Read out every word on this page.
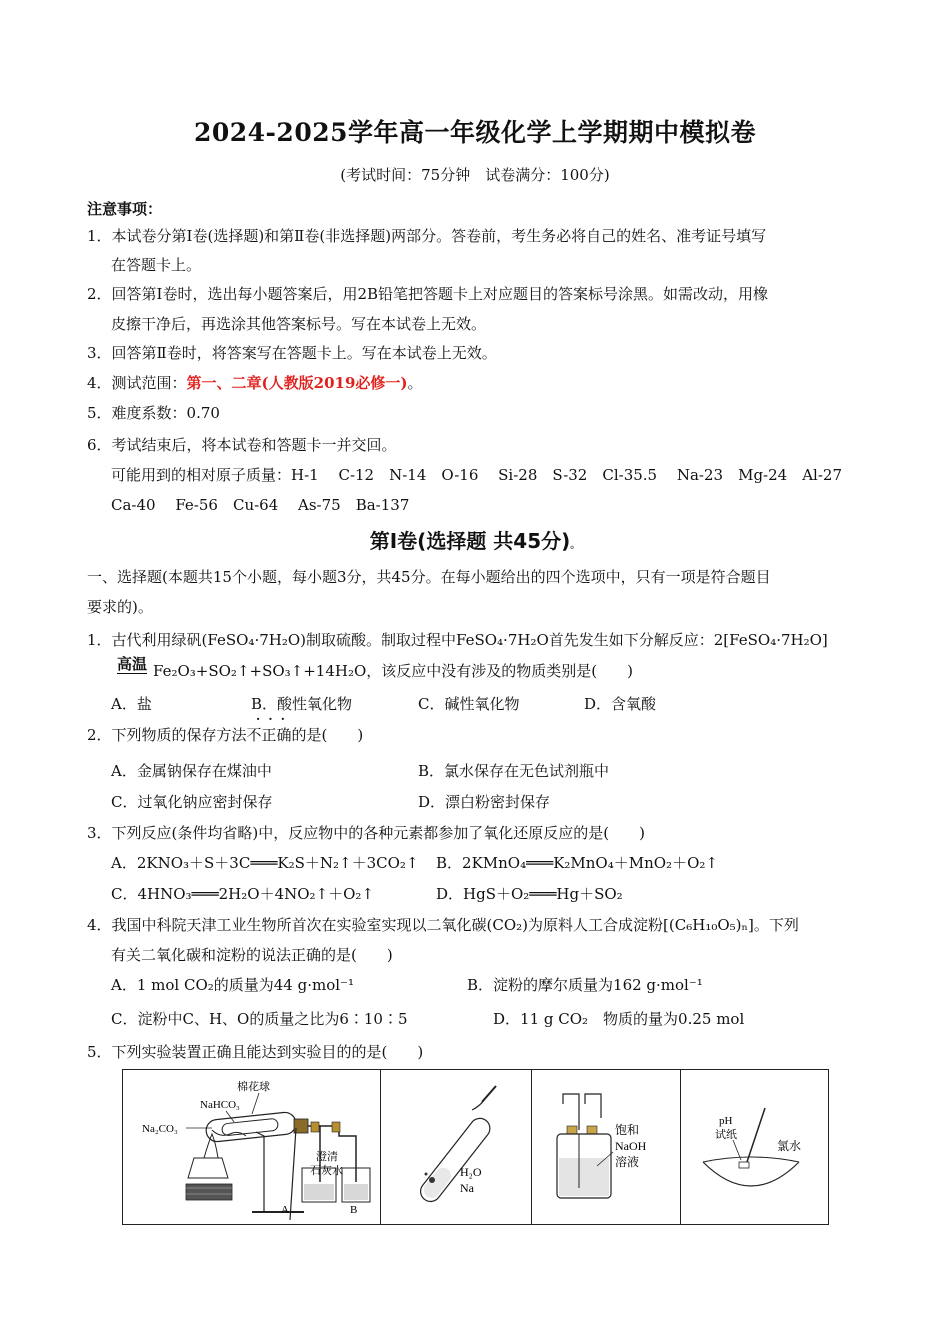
2024-2025学年高一年级化学上学期期中模拟卷
(考试时间：75分钟　试卷满分：100分)
注意事项：
1．本试卷分第Ⅰ卷(选择题)和第Ⅱ卷(非选择题)两部分。答卷前，考生务必将自己的姓名、准考证号填写
在答题卡上。
2．回答第Ⅰ卷时，选出每小题答案后，用2B铅笔把答题卡上对应题目的答案标号涂黑。如需改动，用橡
皮擦干净后，再选涂其他答案标号。写在本试卷上无效。
3．回答第Ⅱ卷时，将答案写在答题卡上。写在本试卷上无效。
4．测试范围：第一、二章(人教版2019必修一)。
5．难度系数：0.70
6．考试结束后，将本试卷和答题卡一并交回。
可能用到的相对原子质量：H-1　 C-12　N-14　O-16　 Si-28　S-32　Cl-35.5　 Na-23　Mg-24　Al-27
Ca-40　 Fe-56　Cu-64　 As-75　Ba-137
第Ⅰ卷(选择题 共45分)。
一、选择题(本题共15个小题，每小题3分，共45分。在每小题给出的四个选项中，只有一项是符合题目
要求的)。
1．古代利用绿矾(FeSO₄·7H₂O)制取硫酸。制取过程中FeSO₄·7H₂O首先发生如下分解反应：2[FeSO₄·7H₂O]
高温 Fe₂O₃+SO₂↑+SO₃↑+14H₂O，该反应中没有涉及的物质类别是(　　)
A．盐	B．酸性氧化物	C．碱性氧化物	D．含氧酸
· · ·
2．下列物质的保存方法不正确的是(　　)
A．金属钠保存在煤油中	B．氯水保存在无色试剂瓶中
C．过氧化钠应密封保存	D．漂白粉密封保存
3．下列反应(条件均省略)中，反应物中的各种元素都参加了氧化还原反应的是(　　)
A．2KNO₃＋S＋3C═══K₂S＋N₂↑＋3CO₂↑ B．2KMnO₄═══K₂MnO₄＋MnO₂＋O₂↑
C．4HNO₃═══2H₂O＋4NO₂↑＋O₂↑	D．HgS＋O₂═══Hg＋SO₂
4．我国中科院天津工业生物所首次在实验室实现以二氧化碳(CO₂)为原料人工合成淀粉[(C₆H₁₀O₅)ₙ]。下列
有关二氧化碳和淀粉的说法正确的是(　　)
A．1 mol CO₂的质量为44 g·mol⁻¹	B．淀粉的摩尔质量为162 g·mol⁻¹
C．淀粉中C、H、O的质量之比为6∶10∶5	D．11 g CO₂　物质的量为0.25 mol
5．下列实验装置正确且能达到实验目的的是(　　)
棉花球
NaHCO₃
Na₂CO₃
澄清
石灰水
A	B

H₂O
Na

饱和
NaOH
溶液

pH
试纸
氯水
